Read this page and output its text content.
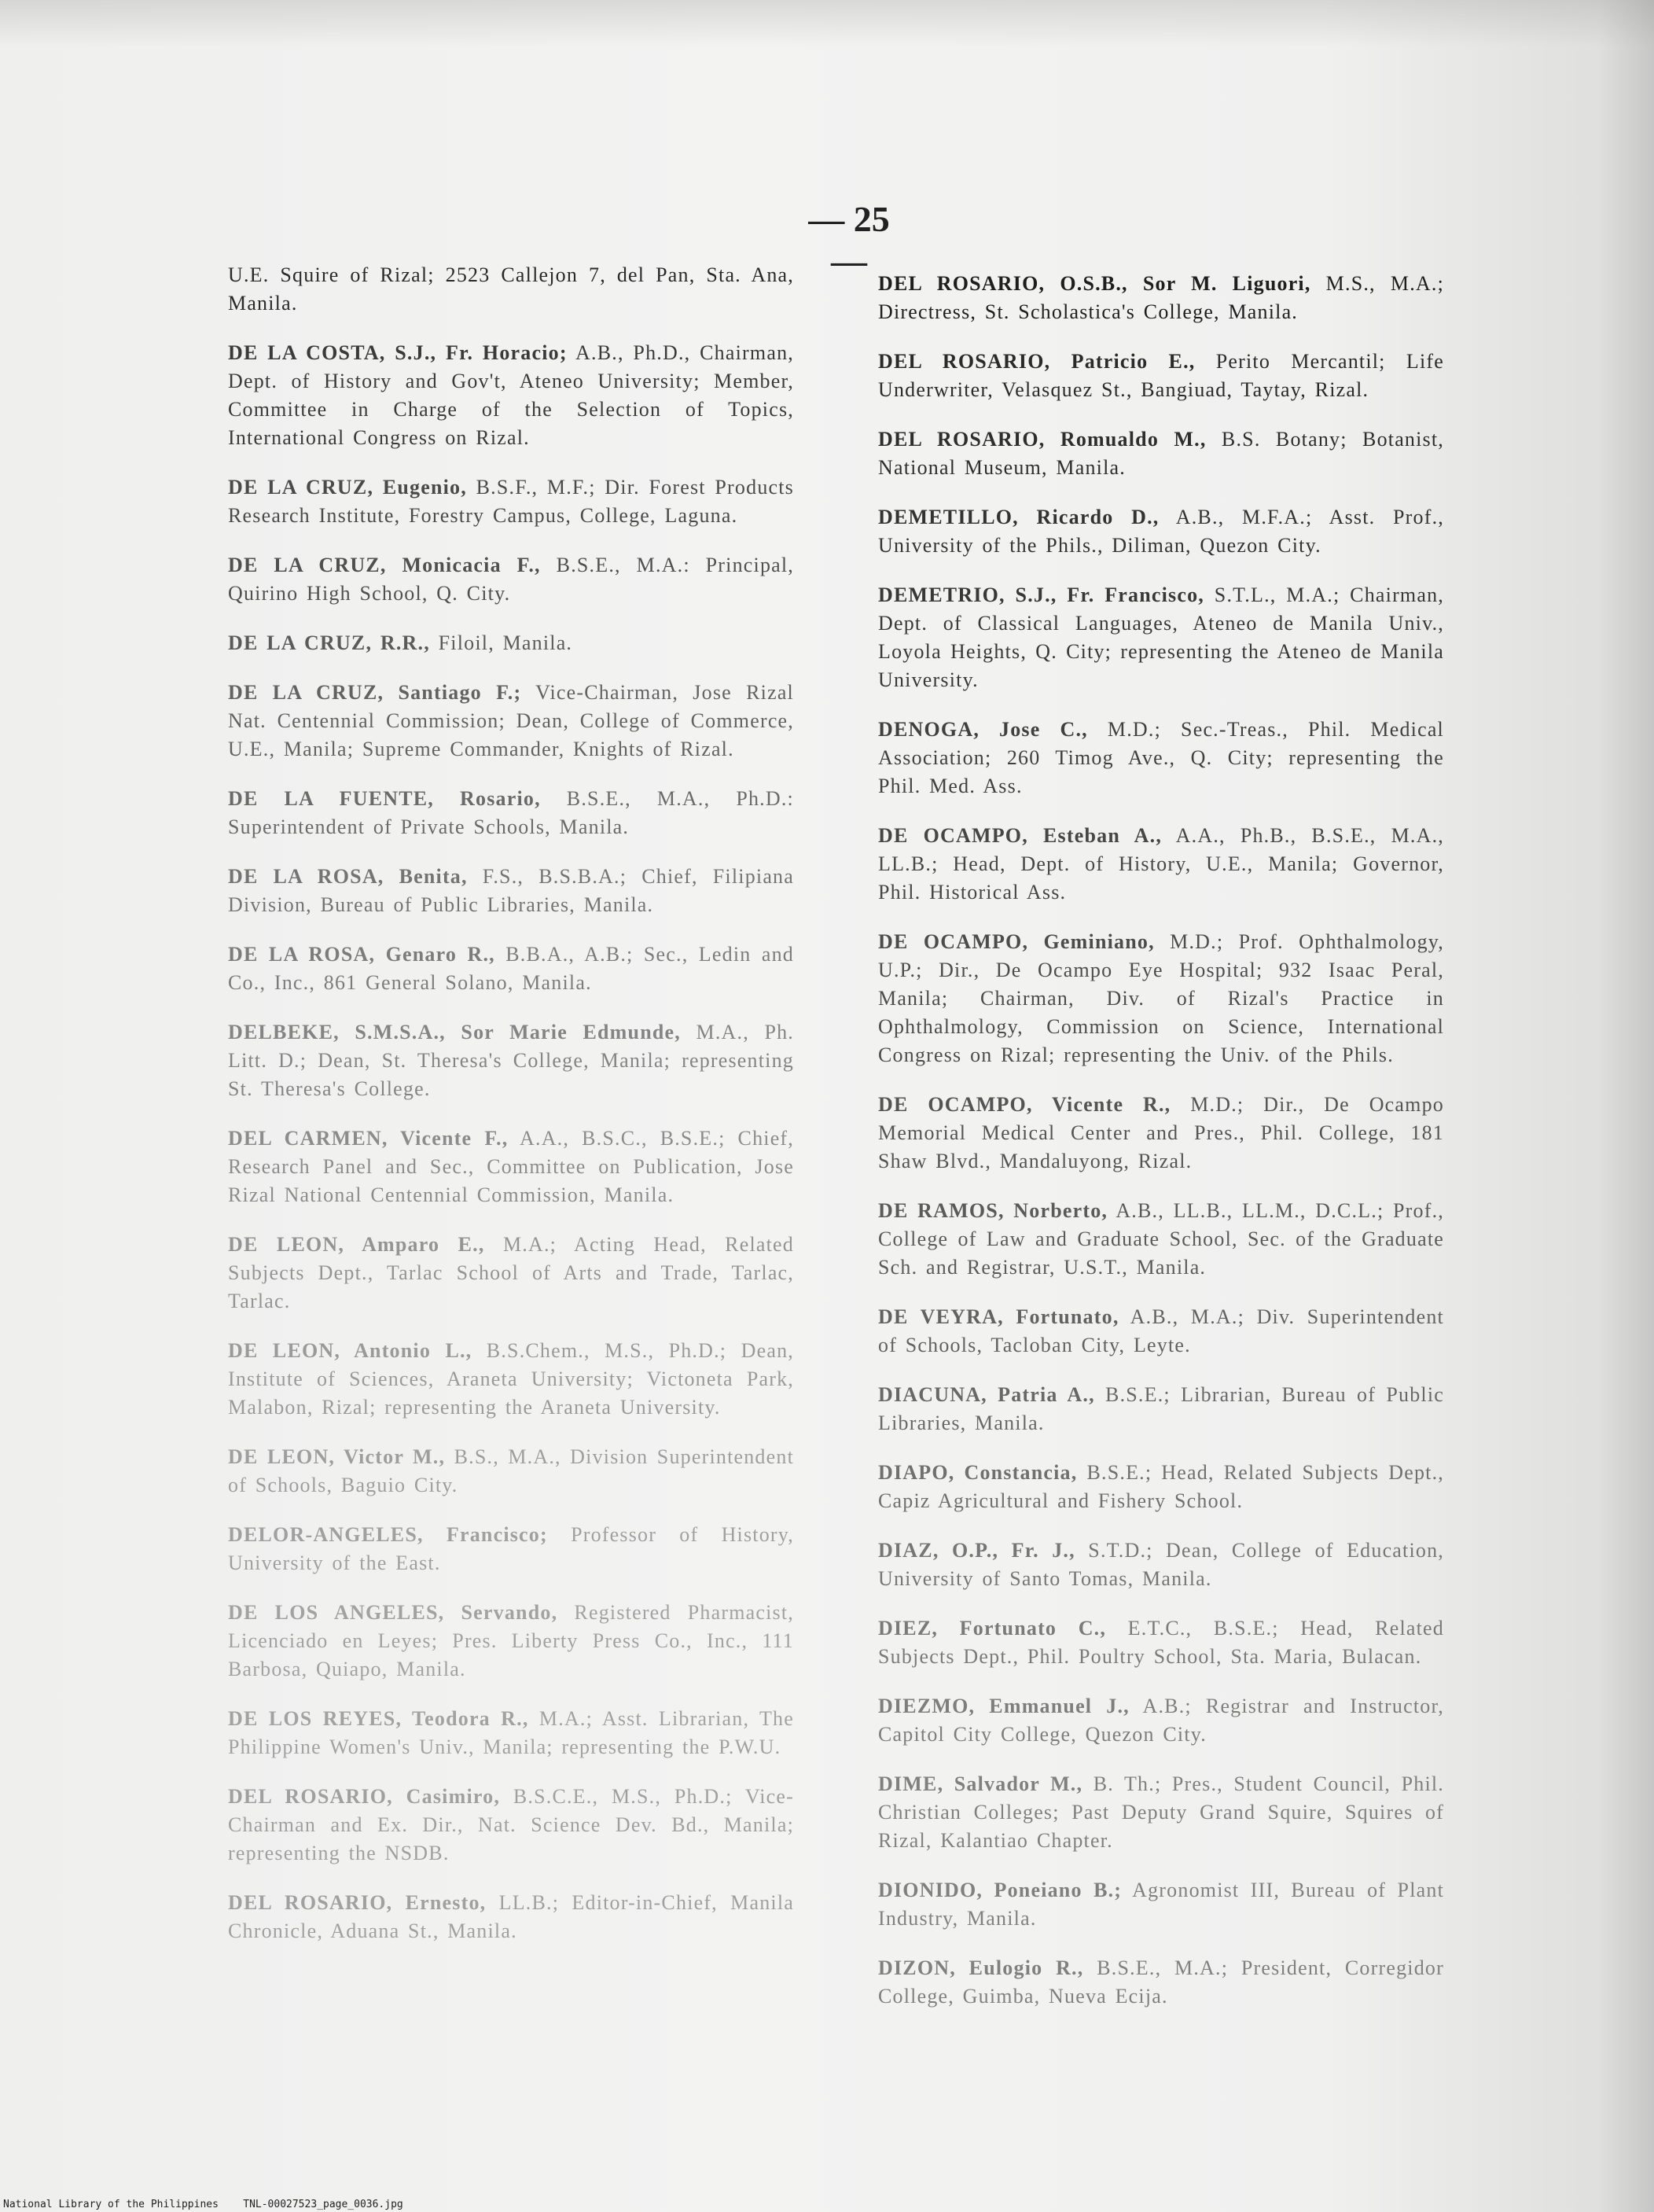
— 25 —

U.E. Squire of Rizal; 2523 Callejon 7, del Pan, Sta. Ana, Manila.

DE LA COSTA, S.J., Fr. Horacio; A.B., Ph.D., Chairman, Dept. of History and Gov't, Ateneo University; Member, Committee in Charge of the Selection of Topics, International Congress on Rizal.

DE LA CRUZ, Eugenio, B.S.F., M.F.; Dir. Forest Products Research Institute, Forestry Campus, College, Laguna.

DE LA CRUZ, Monicacia F., B.S.E., M.A.: Principal, Quirino High School, Q. City.

DE LA CRUZ, R.R., Filoil, Manila.

DE LA CRUZ, Santiago F.; Vice-Chairman, Jose Rizal Nat. Centennial Commission; Dean, College of Commerce, U.E., Manila; Supreme Commander, Knights of Rizal.

DE LA FUENTE, Rosario, B.S.E., M.A., Ph.D.: Superintendent of Private Schools, Manila.

DE LA ROSA, Benita, F.S., B.S.B.A.; Chief, Filipiana Division, Bureau of Public Libraries, Manila.

DE LA ROSA, Genaro R., B.B.A., A.B.; Sec., Ledin and Co., Inc., 861 General Solano, Manila.

DELBEKE, S.M.S.A., Sor Marie Edmunde, M.A., Ph. Litt. D.; Dean, St. Theresa's College, Manila; representing St. Theresa's College.

DEL CARMEN, Vicente F., A.A., B.S.C., B.S.E.; Chief, Research Panel and Sec., Committee on Publication, Jose Rizal National Centennial Commission, Manila.

DE LEON, Amparo E., M.A.; Acting Head, Related Subjects Dept., Tarlac School of Arts and Trade, Tarlac, Tarlac.

DE LEON, Antonio L., B.S.Chem., M.S., Ph.D.; Dean, Institute of Sciences, Araneta University; Victoneta Park, Malabon, Rizal; representing the Araneta University.

DE LEON, Victor M., B.S., M.A., Division Superintendent of Schools, Baguio City.

DELOR-ANGELES, Francisco; Professor of History, University of the East.

DE LOS ANGELES, Servando, Registered Pharmacist, Licenciado en Leyes; Pres. Liberty Press Co., Inc., 111 Barbosa, Quiapo, Manila.

DE LOS REYES, Teodora R., M.A.; Asst. Librarian, The Philippine Women's Univ., Manila; representing the P.W.U.

DEL ROSARIO, Casimiro, B.S.C.E., M.S., Ph.D.; Vice-Chairman and Ex. Dir., Nat. Science Dev. Bd., Manila; representing the NSDB.

DEL ROSARIO, Ernesto, LL.B.; Editor-in-Chief, Manila Chronicle, Aduana St., Manila.

DEL ROSARIO, O.S.B., Sor M. Liguori, M.S., M.A.; Directress, St. Scholastica's College, Manila.

DEL ROSARIO, Patricio E., Perito Mercantil; Life Underwriter, Velasquez St., Bangiuad, Taytay, Rizal.

DEL ROSARIO, Romualdo M., B.S. Botany; Botanist, National Museum, Manila.

DEMETILLO, Ricardo D., A.B., M.F.A.; Asst. Prof., University of the Phils., Diliman, Quezon City.

DEMETRIO, S.J., Fr. Francisco, S.T.L., M.A.; Chairman, Dept. of Classical Languages, Ateneo de Manila Univ., Loyola Heights, Q. City; representing the Ateneo de Manila University.

DENOGA, Jose C., M.D.; Sec.-Treas., Phil. Medical Association; 260 Timog Ave., Q. City; representing the Phil. Med. Ass.

DE OCAMPO, Esteban A., A.A., Ph.B., B.S.E., M.A., LL.B.; Head, Dept. of History, U.E., Manila; Governor, Phil. Historical Ass.

DE OCAMPO, Geminiano, M.D.; Prof. Ophthalmology, U.P.; Dir., De Ocampo Eye Hospital; 932 Isaac Peral, Manila; Chairman, Div. of Rizal's Practice in Ophthalmology, Commission on Science, International Congress on Rizal; representing the Univ. of the Phils.

DE OCAMPO, Vicente R., M.D.; Dir., De Ocampo Memorial Medical Center and Pres., Phil. College, 181 Shaw Blvd., Mandaluyong, Rizal.

DE RAMOS, Norberto, A.B., LL.B., LL.M., D.C.L.; Prof., College of Law and Graduate School, Sec. of the Graduate Sch. and Registrar, U.S.T., Manila.

DE VEYRA, Fortunato, A.B., M.A.; Div. Superintendent of Schools, Tacloban City, Leyte.

DIACUNA, Patria A., B.S.E.; Librarian, Bureau of Public Libraries, Manila.

DIAPO, Constancia, B.S.E.; Head, Related Subjects Dept., Capiz Agricultural and Fishery School.

DIAZ, O.P., Fr. J., S.T.D.; Dean, College of Education, University of Santo Tomas, Manila.

DIEZ, Fortunato C., E.T.C., B.S.E.; Head, Related Subjects Dept., Phil. Poultry School, Sta. Maria, Bulacan.

DIEZMO, Emmanuel J., A.B.; Registrar and Instructor, Capitol City College, Quezon City.

DIME, Salvador M., B. Th.; Pres., Student Council, Phil. Christian Colleges; Past Deputy Grand Squire, Squires of Rizal, Kalantiao Chapter.

DIONIDO, Poneiano B.; Agronomist III, Bureau of Plant Industry, Manila.

DIZON, Eulogio R., B.S.E., M.A.; President, Corregidor College, Guimba, Nueva Ecija.

National Library of the Philippines    TNL-00027523_page_0036.jpg
